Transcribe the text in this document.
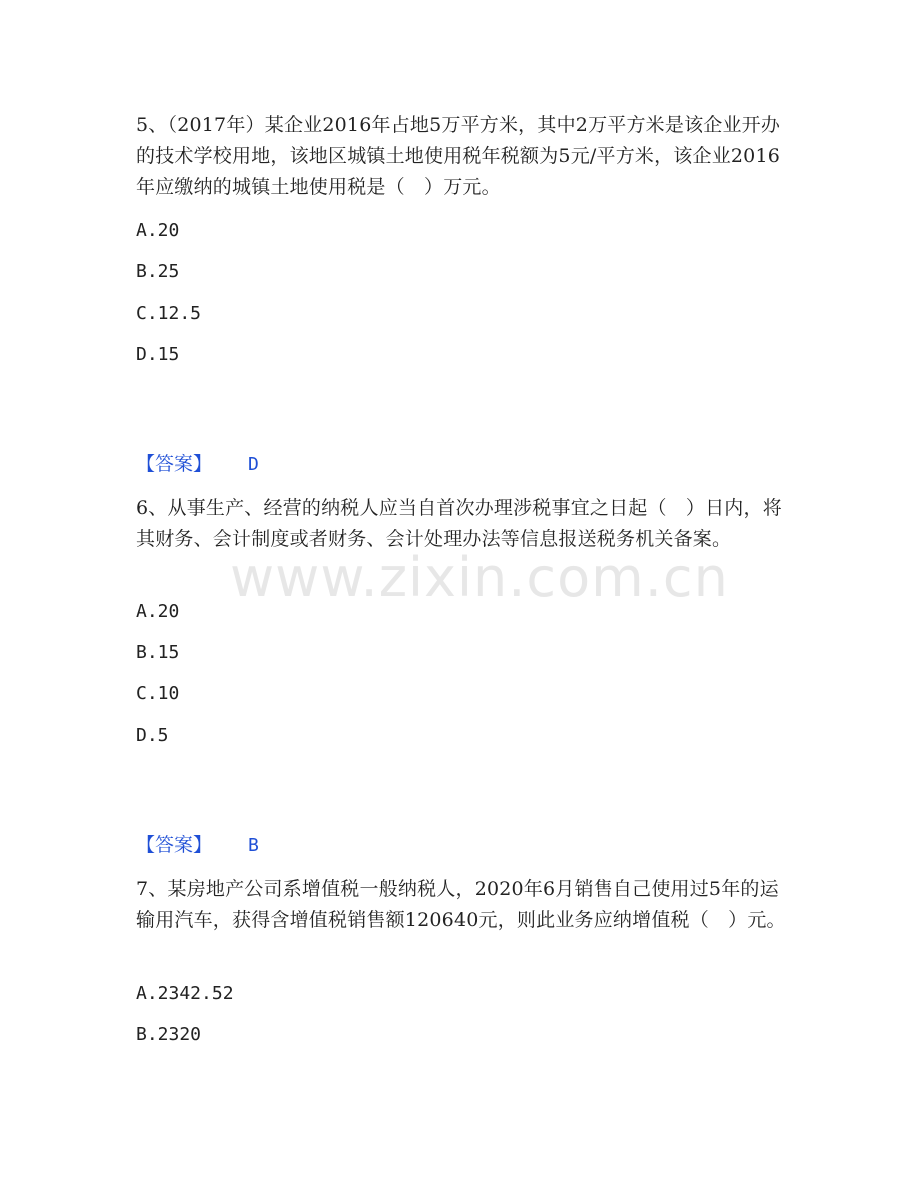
5、（2017年）某企业2016年占地5万平方米，其中2万平方米是该企业开办的技术学校用地，该地区城镇土地使用税年税额为5元/平方米，该企业2016年应缴纳的城镇土地使用税是（　）万元。

A.20

B.25

C.12.5

D.15

【答案】 D

6、从事生产、经营的纳税人应当自首次办理涉税事宜之日起（　）日内，将其财务、会计制度或者财务、会计处理办法等信息报送税务机关备案。

A.20

B.15

C.10

D.5

【答案】 B

7、某房地产公司系增值税一般纳税人，2020年6月销售自己使用过5年的运输用汽车，获得含增值税销售额120640元，则此业务应纳增值税（　）元。

A.2342.52

B.2320

www.zixin.com.cn
